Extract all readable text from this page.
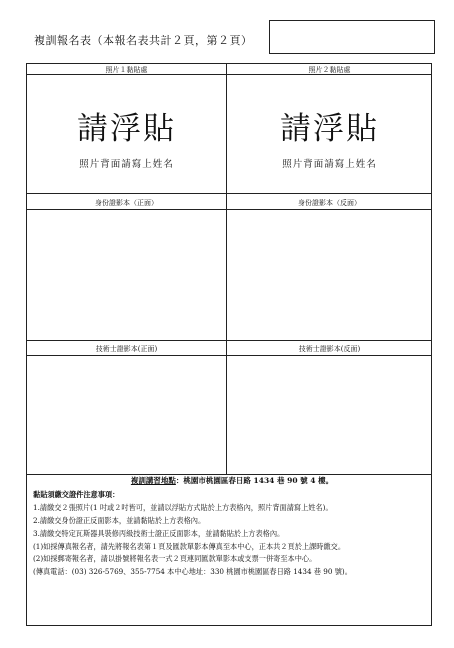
複訓報名表（本報名表共計２頁，第２頁）
照片１黏貼處	照片２黏貼處
請浮貼	請浮貼
照片背面請寫上姓名	照片背面請寫上姓名
身份證影本（正面）	身份證影本（反面）
技術士證影本(正面)	技術士證影本(反面)
複訓講習地點：桃園市桃園區春日路 1434 巷 90 號 4 樓。
黏貼須繳交證件注意事項：
1.請繳交２張照片(1 吋或２吋皆可，並請以浮貼方式貼於上方表格內，照片背面請寫上姓名)。
2.請繳交身份證正反面影本，並請黏貼於上方表格內。
3.請繳交特定瓦斯器具裝修丙級技術士證正反面影本，並請黏貼於上方表格內。
(1)如採傳真報名者，請先將報名表第１頁及匯款單影本傳真至本中心，正本共２頁於上課時繳交。
(2)如採郵寄報名者，請以掛號將報名表一式２頁連同匯款單影本或支票一併寄至本中心。
(傳真電話：(03) 326-5769、355-7754 本中心地址：330 桃園市桃園區春日路 1434 巷 90 號)。
